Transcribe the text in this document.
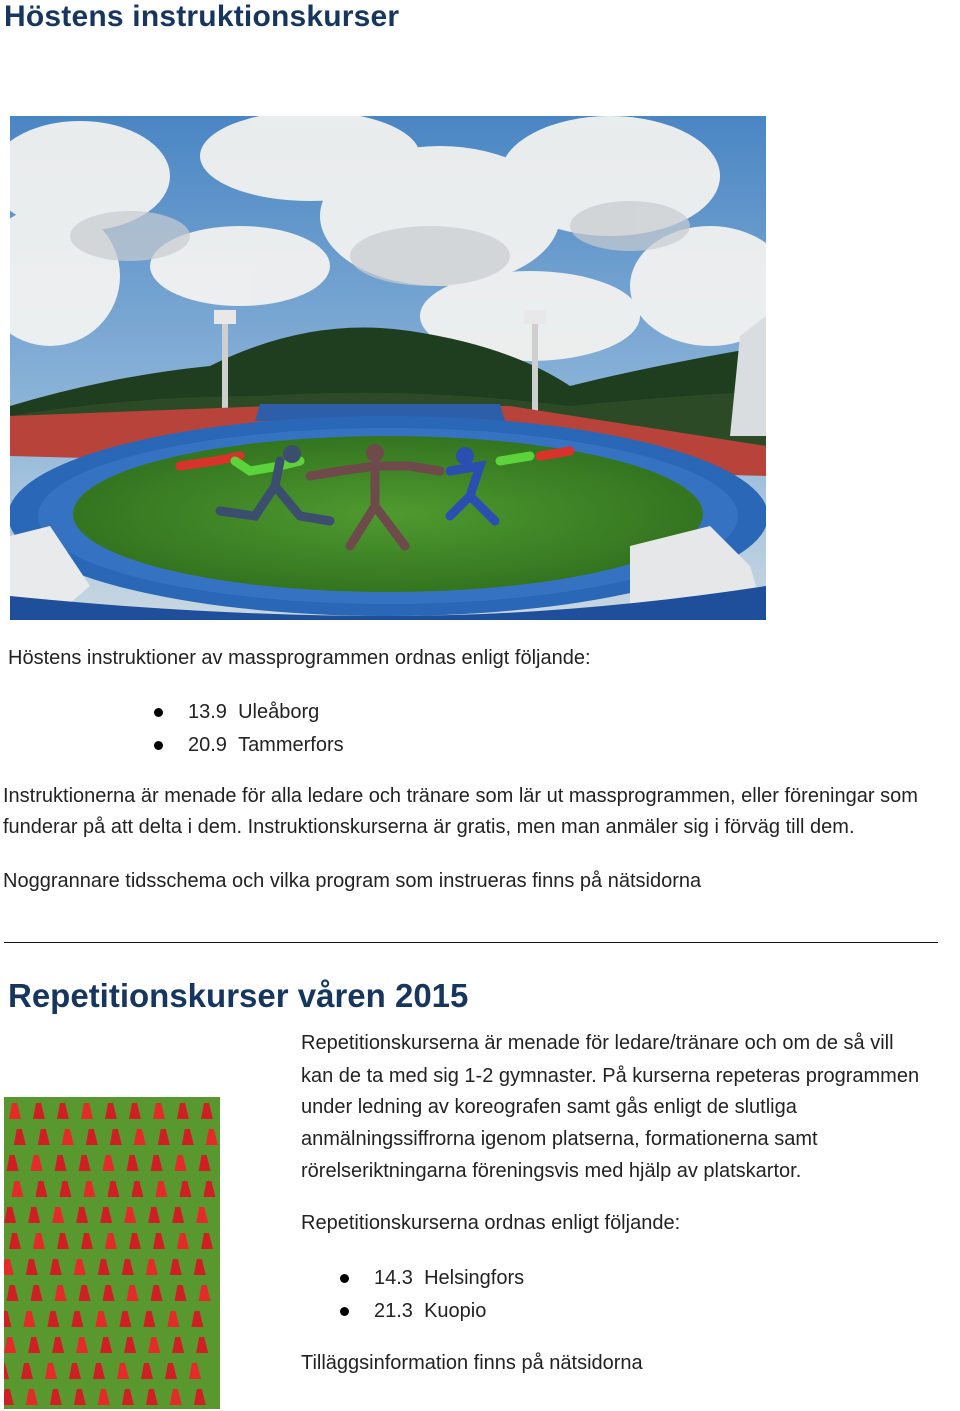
Höstens instruktionskurser
Höstens instruktioner av massprogrammen ordnas enligt följande:
13.9 Uleåborg
20.9 Tammerfors
Instruktionerna är menade för alla ledare och tränare som lär ut massprogrammen, eller föreningar som
funderar på att delta i dem. Instruktionskurserna är gratis, men man anmäler sig i förväg till dem.
Noggrannare tidsschema och vilka program som instrueras finns på nätsidorna
Repetitionskurser våren 2015
Repetitionskurserna är menade för ledare/tränare och om de så vill
kan de ta med sig 1-2 gymnaster. På kurserna repeteras programmen
under ledning av koreografen samt gås enligt de slutliga
anmälningssiffrorna igenom platserna, formationerna samt
rörelseriktningarna föreningsvis med hjälp av platskartor.
Repetitionskurserna ordnas enligt följande:
14.3 Helsingfors
21.3 Kuopio
Tilläggsinformation finns på nätsidorna
